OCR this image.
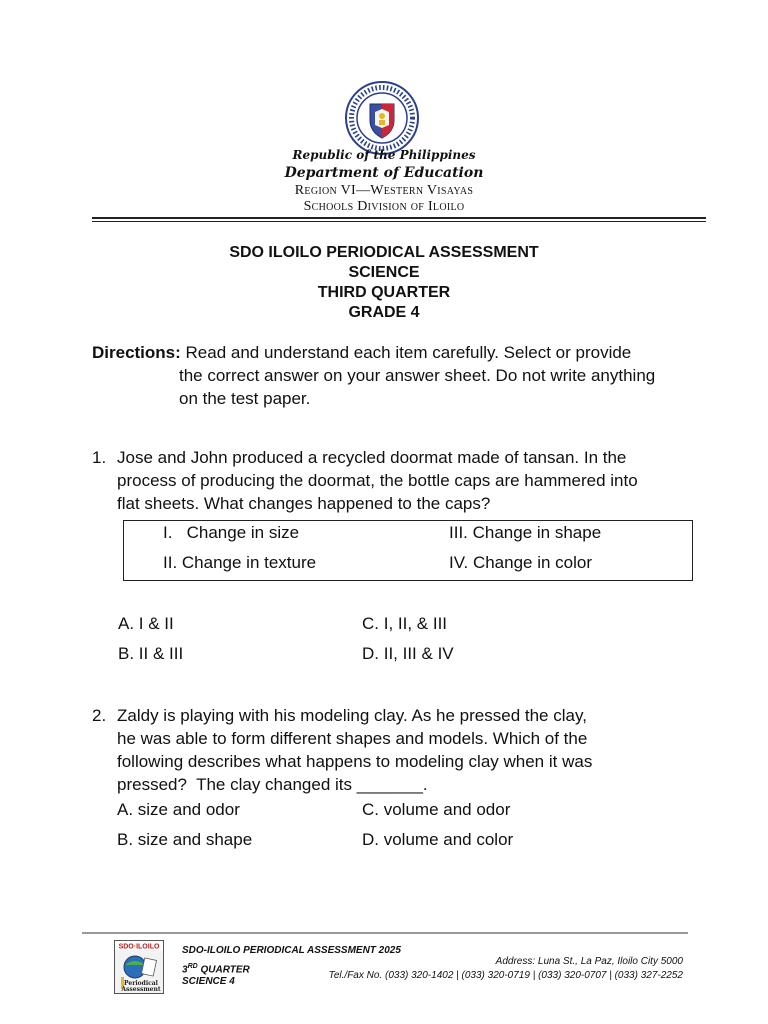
Republic of the Philippines
Department of Education
Region VI—Western Visayas
Schools Division of Iloilo
SDO ILOILO PERIODICAL ASSESSMENT
SCIENCE
THIRD QUARTER
GRADE 4
Directions: Read and understand each item carefully. Select or provide
the correct answer on your answer sheet. Do not write anything
on the test paper.
1. Jose and John produced a recycled doormat made of tansan. In the
process of producing the doormat, the bottle caps are hammered into
flat sheets. What changes happened to the caps?
I.   Change in size
II. Change in texture
III. Change in shape
IV. Change in color
A. I & II
B. II & III
C. I, II, & III
D. II, III & IV
2. Zaldy is playing with his modeling clay. As he pressed the clay,
he was able to form different shapes and models. Which of the
following describes what happens to modeling clay when it was
pressed?  The clay changed its _______.
A. size and odor
B. size and shape
C. volume and odor
D. volume and color
SDO·ILOILO
Periodical
Assessment
SDO-ILOILO PERIODICAL ASSESSMENT 2025
3RD QUARTER
SCIENCE 4
Address: Luna St., La Paz, Iloilo City 5000
Tel./Fax No. (033) 320-1402 | (033) 320-0719 | (033) 320-0707 | (033) 327-2252
